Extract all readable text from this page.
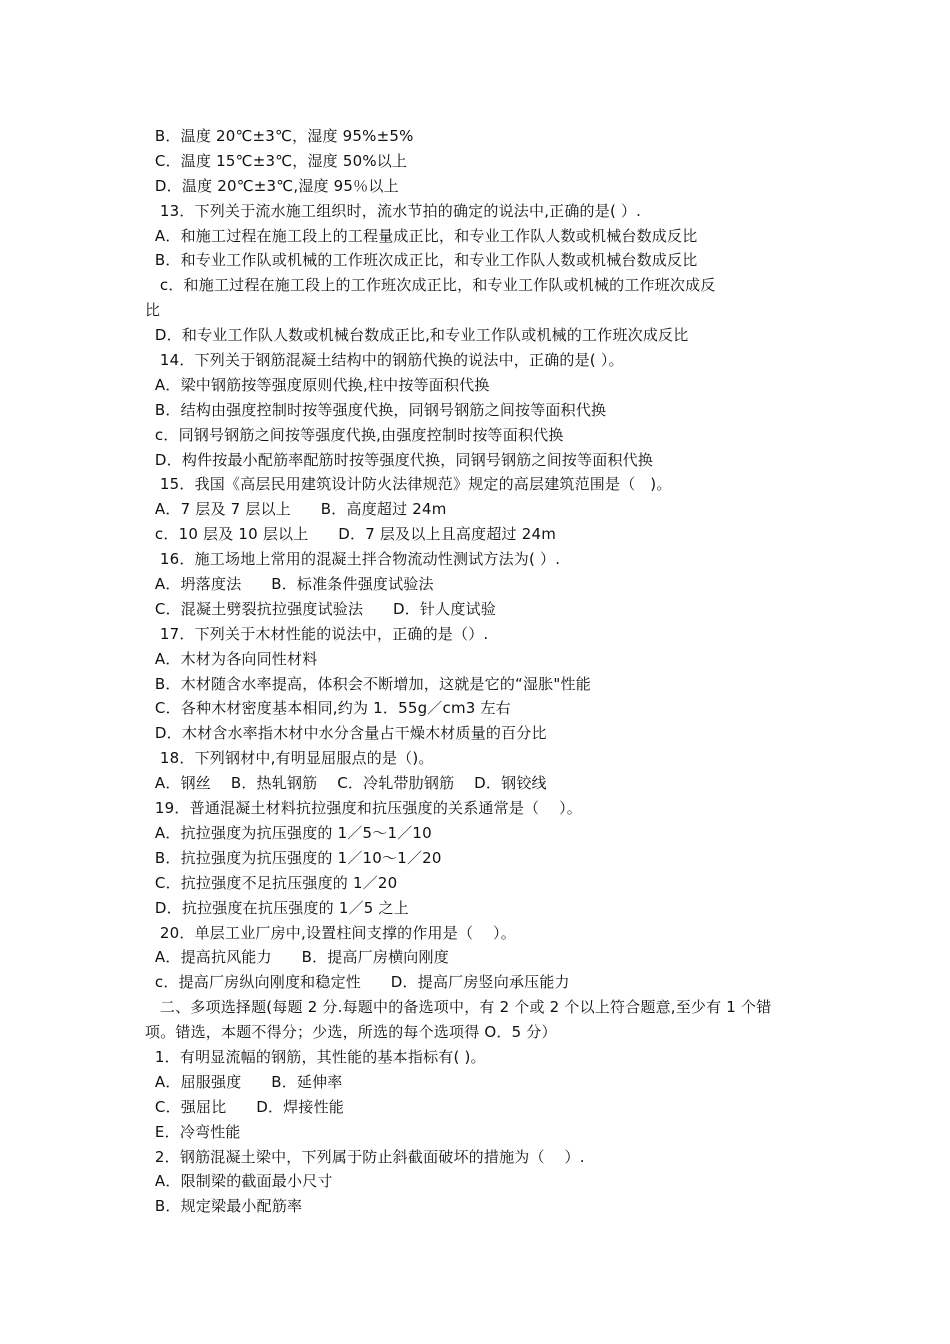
B．温度 20℃±3℃，湿度 95%±5%
C．温度 15℃±3℃，湿度 50%以上
D．温度 20℃±3℃,湿度 95％以上
13．下列关于流水施工组织时，流水节拍的确定的说法中,正确的是( ）.
A．和施工过程在施工段上的工程量成正比，和专业工作队人数或机械台数成反比
B．和专业工作队或机械的工作班次成正比，和专业工作队人数或机械台数成反比
c．和施工过程在施工段上的工作班次成正比，和专业工作队或机械的工作班次成反
比
D．和专业工作队人数或机械台数成正比,和专业工作队或机械的工作班次成反比
14．下列关于钢筋混凝土结构中的钢筋代换的说法中，正确的是( ）。
A．梁中钢筋按等强度原则代换,柱中按等面积代换
B．结构由强度控制时按等强度代换，同钢号钢筋之间按等面积代换
c．同钢号钢筋之间按等强度代换,由强度控制时按等面积代换
D．构件按最小配筋率配筋时按等强度代换，同钢号钢筋之间按等面积代换
15．我国《高层民用建筑设计防火法律规范》规定的高层建筑范围是（   )。
A．7 层及 7 层以上      B．高度超过 24m
c．10 层及 10 层以上      D．7 层及以上且高度超过 24m
16．施工场地上常用的混凝土拌合物流动性测试方法为( ）.
A．坍落度法      B．标准条件强度试验法
C．混凝土劈裂抗拉强度试验法      D．针人度试验
17．下列关于木材性能的说法中，正确的是（）.
A．木材为各向同性材料
B．木材随含水率提高，体积会不断增加，这就是它的“湿胀"性能
C．各种木材密度基本相同,约为 1．55g／cm3 左右
D．木材含水率指木材中水分含量占干燥木材质量的百分比
18．下列钢材中,有明显屈服点的是（)。
A．钢丝    B．热轧钢筋    C．冷轧带肋钢筋    D．钢铰线
19．普通混凝土材料抗拉强度和抗压强度的关系通常是（    ）。
A．抗拉强度为抗压强度的 1／5～1／10
B．抗拉强度为抗压强度的 1／10～1／20
C．抗拉强度不足抗压强度的 1／20
D．抗拉强度在抗压强度的 1／5 之上
20．单层工业厂房中,设置柱间支撑的作用是（    ）。
A．提高抗风能力      B．提高厂房横向刚度
c．提高厂房纵向刚度和稳定性      D．提高厂房竖向承压能力
二、多项选择题(每题 2 分.每题中的备选项中，有 2 个或 2 个以上符合题意,至少有 1 个错
项。错选，本题不得分；少选，所选的每个选项得 O．5 分）
1．有明显流幅的钢筋，其性能的基本指标有( )。
A．屈服强度      B．延伸率
C．强屈比      D．焊接性能
E．冷弯性能
2．钢筋混凝土梁中，下列属于防止斜截面破坏的措施为（    ）.
A．限制梁的截面最小尺寸
B．规定梁最小配筋率
